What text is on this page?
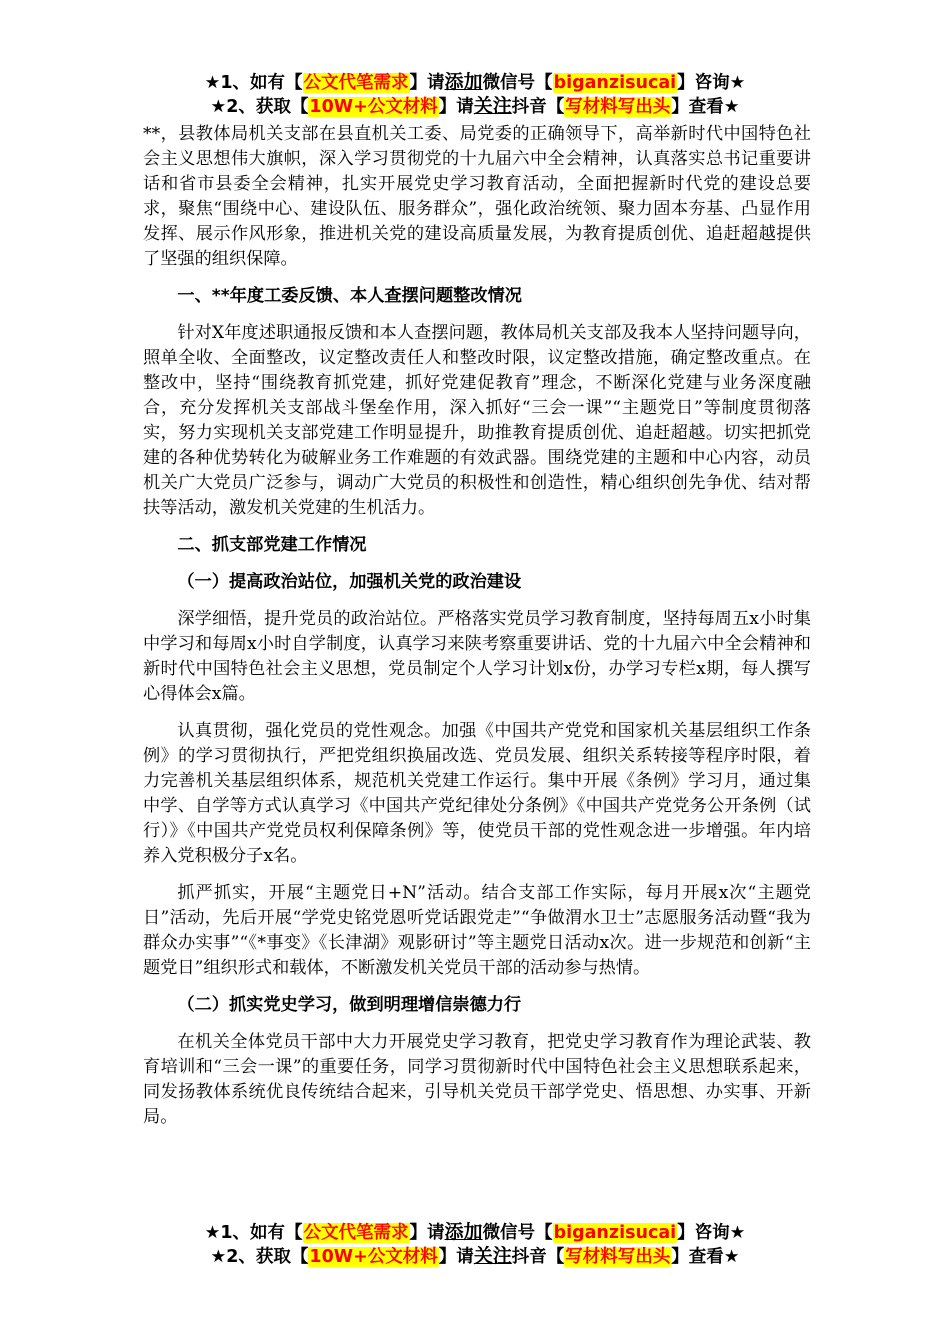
★1、如有【公文代笔需求】请添加微信号【biganzisucai】咨询★
★2、获取【10W+公文材料】请关注抖音【写材料写出头】查看★

**，县教体局机关支部在县直机关工委、局党委的正确领导下，高举新时代中国特色社会主义思想伟大旗帜，深入学习贯彻党的十九届六中全会精神，认真落实总书记重要讲话和省市县委全会精神，扎实开展党史学习教育活动，全面把握新时代党的建设总要求，聚焦“围绕中心、建设队伍、服务群众”，强化政治统领、聚力固本夯基、凸显作用发挥、展示作风形象，推进机关党的建设高质量发展，为教育提质创优、追赶超越提供了坚强的组织保障。

一、**年度工委反馈、本人查摆问题整改情况

针对X年度述职通报反馈和本人查摆问题，教体局机关支部及我本人坚持问题导向，照单全收、全面整改，议定整改责任人和整改时限，议定整改措施，确定整改重点。在整改中，坚持“围绕教育抓党建，抓好党建促教育”理念，不断深化党建与业务深度融合，充分发挥机关支部战斗堡垒作用，深入抓好“三会一课”“主题党日”等制度贯彻落实，努力实现机关支部党建工作明显提升，助推教育提质创优、追赶超越。切实把抓党建的各种优势转化为破解业务工作难题的有效武器。围绕党建的主题和中心内容，动员机关广大党员广泛参与，调动广大党员的积极性和创造性，精心组织创先争优、结对帮扶等活动，激发机关党建的生机活力。

二、抓支部党建工作情况
（一）提高政治站位，加强机关党的政治建设

深学细悟，提升党员的政治站位。严格落实党员学习教育制度，坚持每周五x小时集中学习和每周x小时自学制度，认真学习来陕考察重要讲话、党的十九届六中全会精神和新时代中国特色社会主义思想，党员制定个人学习计划x份，办学习专栏x期，每人撰写心得体会x篇。

认真贯彻，强化党员的党性观念。加强《中国共产党党和国家机关基层组织工作条例》的学习贯彻执行，严把党组织换届改选、党员发展、组织关系转接等程序时限，着力完善机关基层组织体系，规范机关党建工作运行。集中开展《条例》学习月，通过集中学、自学等方式认真学习《中国共产党纪律处分条例》《中国共产党党务公开条例（试行）》《中国共产党党员权利保障条例》等，使党员干部的党性观念进一步增强。年内培养入党积极分子x名。

抓严抓实，开展“主题党日+N”活动。结合支部工作实际，每月开展x次“主题党日”活动，先后开展“学党史铭党恩听党话跟党走”“争做渭水卫士”志愿服务活动暨“我为群众办实事”“《*事变》《长津湖》观影研讨”等主题党日活动x次。进一步规范和创新“主题党日”组织形式和载体，不断激发机关党员干部的活动参与热情。

（二）抓实党史学习，做到明理增信崇德力行

在机关全体党员干部中大力开展党史学习教育，把党史学习教育作为理论武装、教育培训和“三会一课”的重要任务，同学习贯彻新时代中国特色社会主义思想联系起来，同发扬教体系统优良传统结合起来，引导机关党员干部学党史、悟思想、办实事、开新局。

★1、如有【公文代笔需求】请添加微信号【biganzisucai】咨询★
★2、获取【10W+公文材料】请关注抖音【写材料写出头】查看★
